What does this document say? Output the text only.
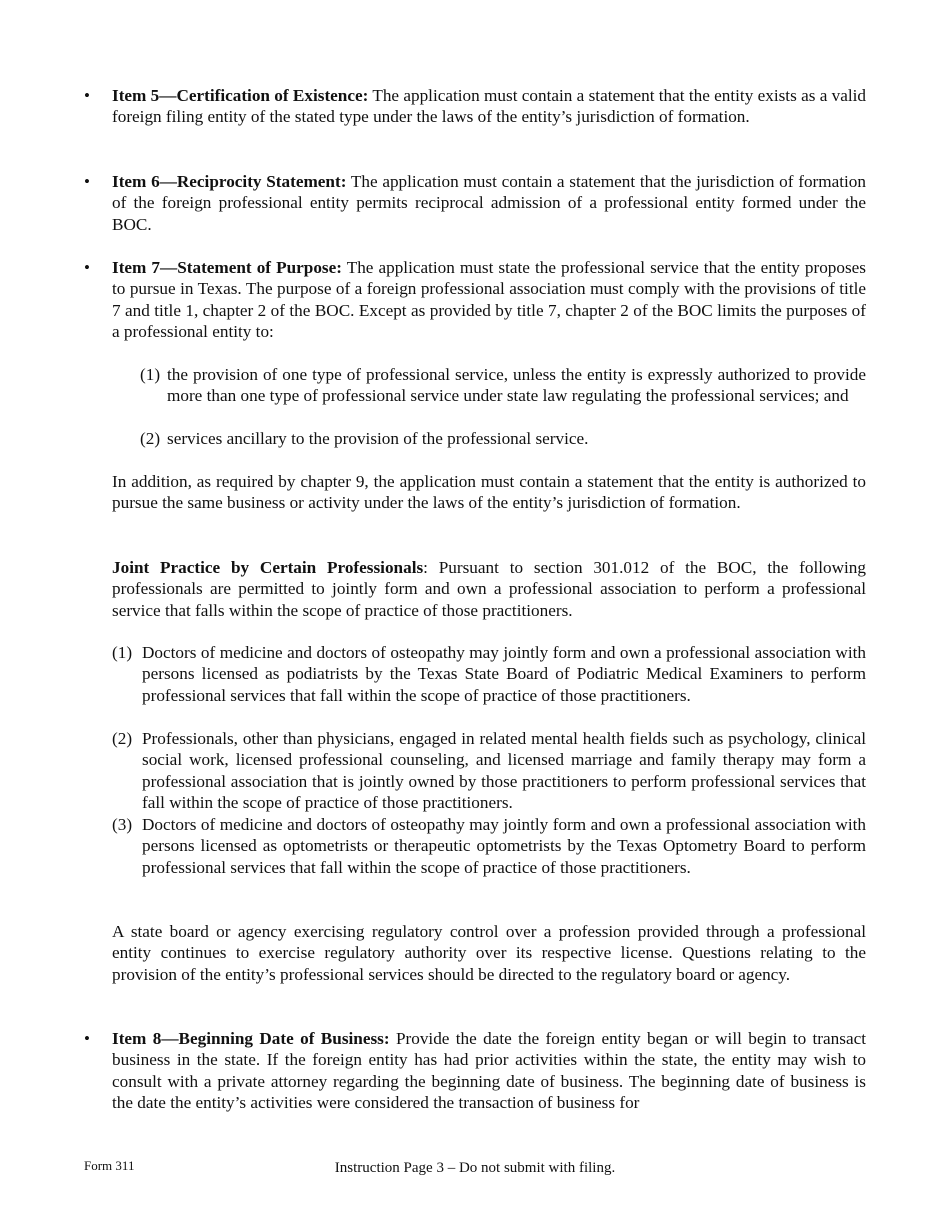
• Item 5—Certification of Existence: The application must contain a statement that the entity exists as a valid foreign filing entity of the stated type under the laws of the entity’s jurisdiction of formation.

• Item 6—Reciprocity Statement: The application must contain a statement that the jurisdiction of formation of the foreign professional entity permits reciprocal admission of a professional entity formed under the BOC.

• Item 7—Statement of Purpose: The application must state the professional service that the entity proposes to pursue in Texas. The purpose of a foreign professional association must comply with the provisions of title 7 and title 1, chapter 2 of the BOC. Except as provided by title 7, chapter 2 of the BOC limits the purposes of a professional entity to:

(1) the provision of one type of professional service, unless the entity is expressly authorized to provide more than one type of professional service under state law regulating the professional services; and

(2) services ancillary to the provision of the professional service.

In addition, as required by chapter 9, the application must contain a statement that the entity is authorized to pursue the same business or activity under the laws of the entity’s jurisdiction of formation.

Joint Practice by Certain Professionals: Pursuant to section 301.012 of the BOC, the following professionals are permitted to jointly form and own a professional association to perform a professional service that falls within the scope of practice of those practitioners.

(1) Doctors of medicine and doctors of osteopathy may jointly form and own a professional association with persons licensed as podiatrists by the Texas State Board of Podiatric Medical Examiners to perform professional services that fall within the scope of practice of those practitioners.

(2) Professionals, other than physicians, engaged in related mental health fields such as psychology, clinical social work, licensed professional counseling, and licensed marriage and family therapy may form a professional association that is jointly owned by those practitioners to perform professional services that fall within the scope of practice of those practitioners.

(3) Doctors of medicine and doctors of osteopathy may jointly form and own a professional association with persons licensed as optometrists or therapeutic optometrists by the Texas Optometry Board to perform professional services that fall within the scope of practice of those practitioners.

A state board or agency exercising regulatory control over a profession provided through a professional entity continues to exercise regulatory authority over its respective license. Questions relating to the provision of the entity’s professional services should be directed to the regulatory board or agency.

• Item 8—Beginning Date of Business: Provide the date the foreign entity began or will begin to transact business in the state. If the foreign entity has had prior activities within the state, the entity may wish to consult with a private attorney regarding the beginning date of business. The beginning date of business is the date the entity’s activities were considered the transaction of business for

Form 311	Instruction Page 3 – Do not submit with filing.
